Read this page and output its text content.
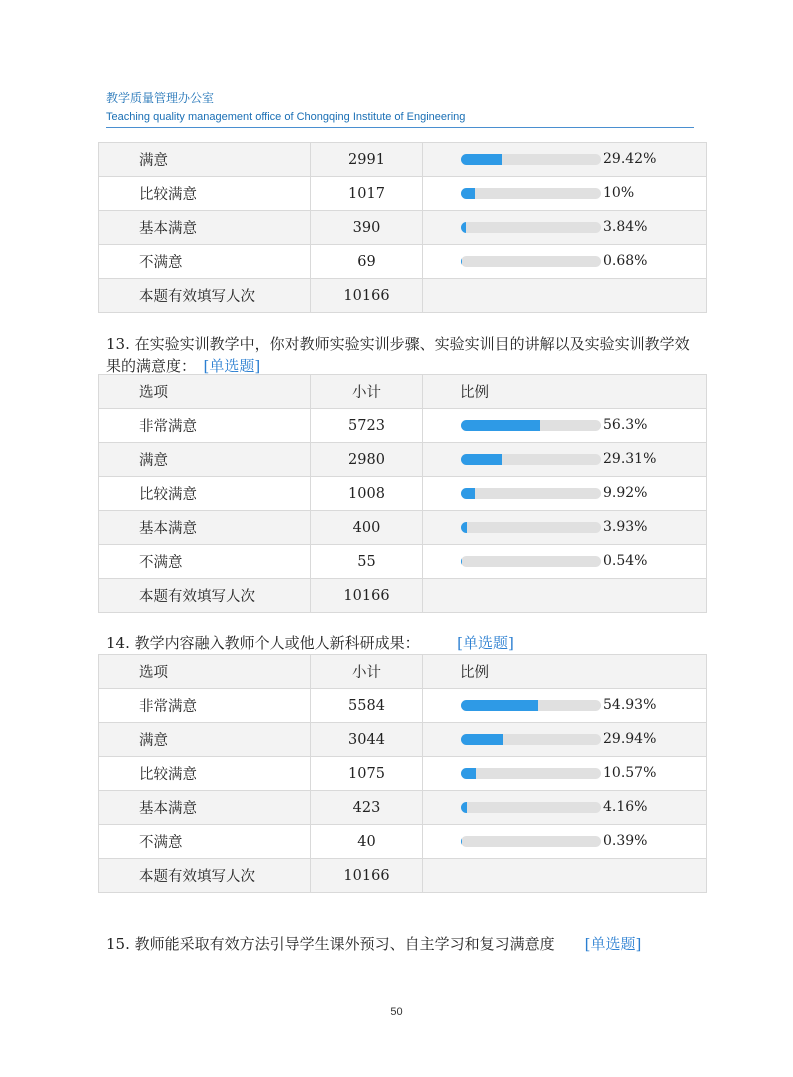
教学质量管理办公室
Teaching quality management office of Chongqing Institute of Engineering
满意	2991	29.42%

比较满意	1017	10%

基本满意	390	3.84%

不满意	69	0.68%

本题有效填写人次	10166	
13. 在实验实训教学中，你对教师实验实训步骤、实验实训目的讲解以及实验实训教学效果的满意度：　 [单选题]
选项	小计	比例
非常满意	5723	56.3%

满意	2980	29.31%

比较满意	1008	9.92%

基本满意	400	3.93%

不满意	55	0.54%

本题有效填写人次	10166	
14. 教学内容融入教师个人或他人新科研成果：　　　	[单选题]
选项	小计	比例
非常满意	5584	54.93%

满意	3044	29.94%

比较满意	1075	10.57%

基本满意	423	4.16%

不满意	40	0.39%

本题有效填写人次	10166	
15. 教师能采取有效方法引导学生课外预习、自主学习和复习满意度　　 [单选题]
50
